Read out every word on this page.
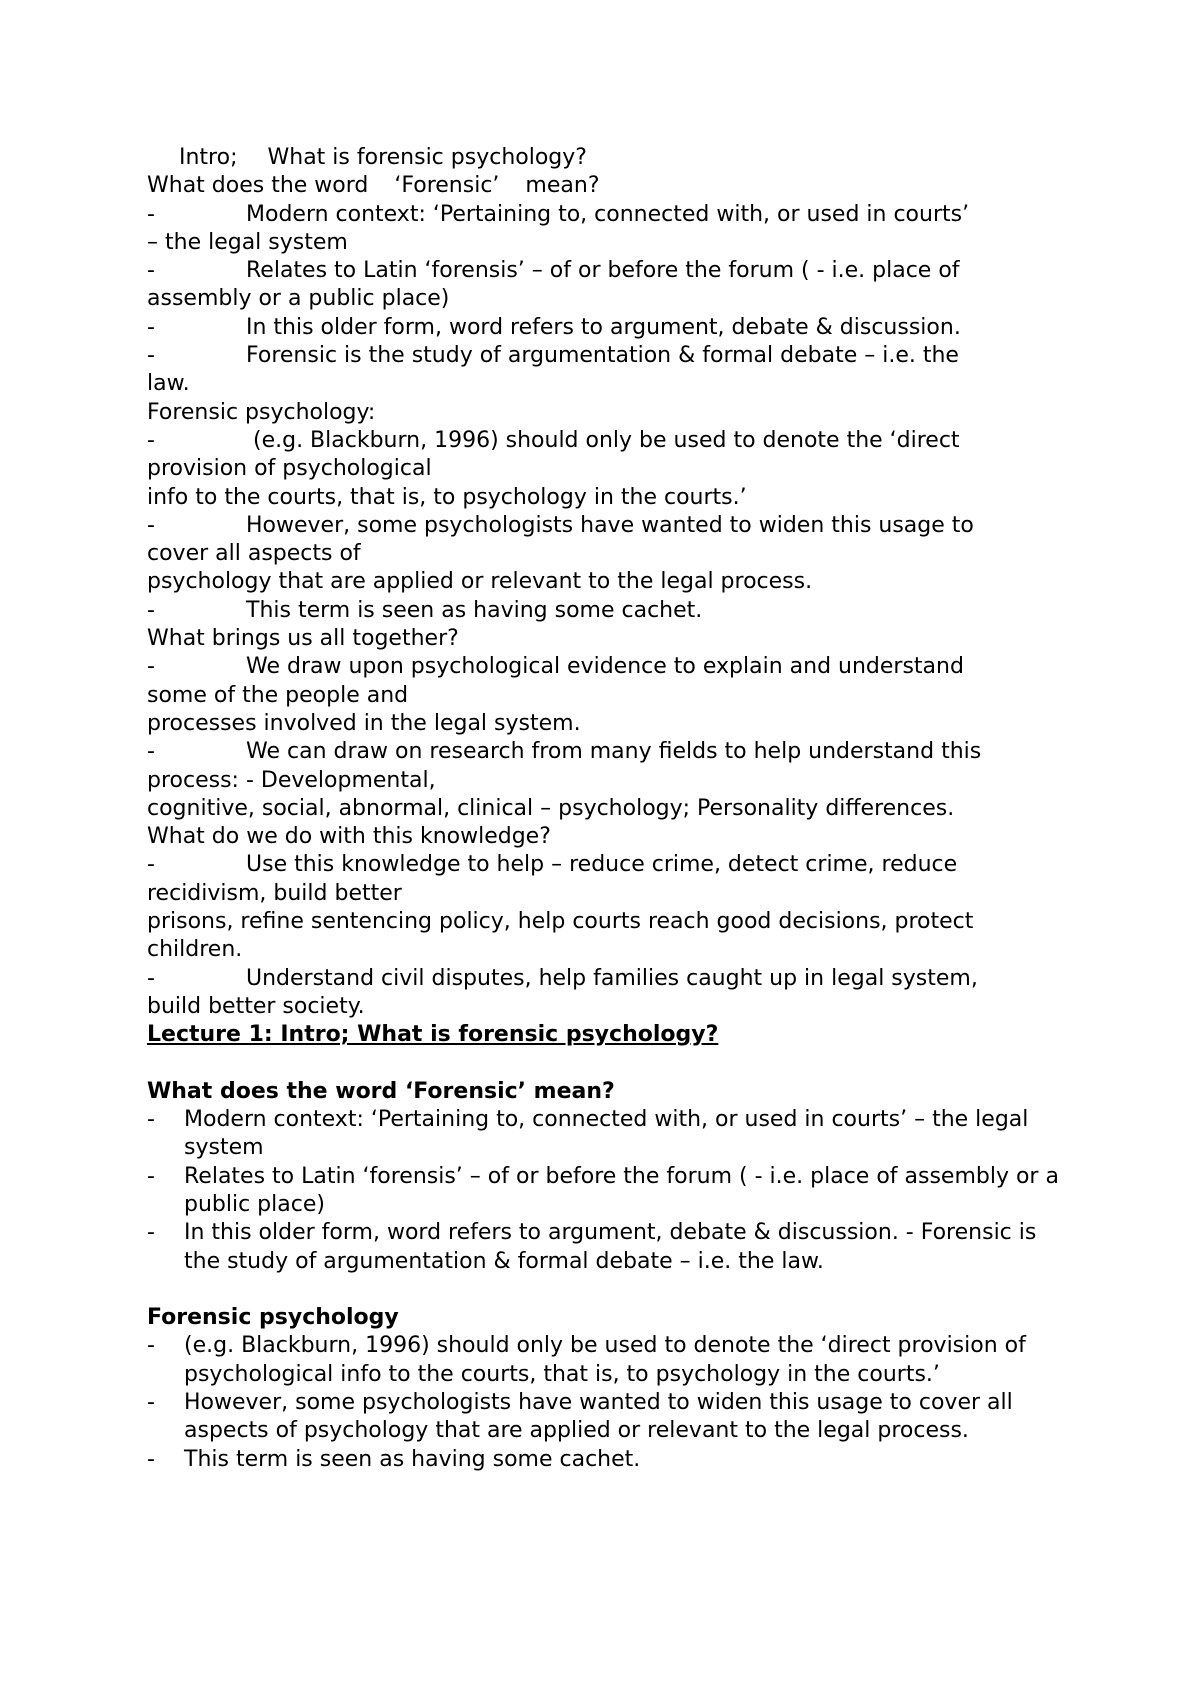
Intro; What is forensic psychology?
What does the word ‘Forensic’ mean?
-	Modern context: ‘Pertaining to, connected with, or used in courts’
– the legal system
-	Relates to Latin ‘forensis’ – of or before the forum ( - i.e. place of
assembly or a public place)
-	In this older form, word refers to argument, debate & discussion.
-	Forensic is the study of argumentation & formal debate – i.e. the
law.
Forensic psychology:
-	(e.g. Blackburn, 1996) should only be used to denote the ‘direct
provision of psychological
info to the courts, that is, to psychology in the courts.’
-	However, some psychologists have wanted to widen this usage to
cover all aspects of
psychology that are applied or relevant to the legal process.
-	This term is seen as having some cachet.
What brings us all together?
-	We draw upon psychological evidence to explain and understand
some of the people and
processes involved in the legal system.
-	We can draw on research from many fields to help understand this
process: - Developmental,
cognitive, social, abnormal, clinical – psychology; Personality differences.
What do we do with this knowledge?
-	Use this knowledge to help – reduce crime, detect crime, reduce
recidivism, build better
prisons, refine sentencing policy, help courts reach good decisions, protect
children.
-	Understand civil disputes, help families caught up in legal system,
build better society.
Lecture 1: Intro; What is forensic psychology?
What does the word ‘Forensic’ mean?
-	Modern context: ‘Pertaining to, connected with, or used in courts’ – the legal system
-	Relates to Latin ‘forensis’ – of or before the forum ( - i.e. place of assembly or a public place)
-	In this older form, word refers to argument, debate & discussion. - Forensic is the study of argumentation & formal debate – i.e. the law.
Forensic psychology
-	(e.g. Blackburn, 1996) should only be used to denote the ‘direct provision of psychological info to the courts, that is, to psychology in the courts.’
-	However, some psychologists have wanted to widen this usage to cover all aspects of psychology that are applied or relevant to the legal process.
-	This term is seen as having some cachet.
